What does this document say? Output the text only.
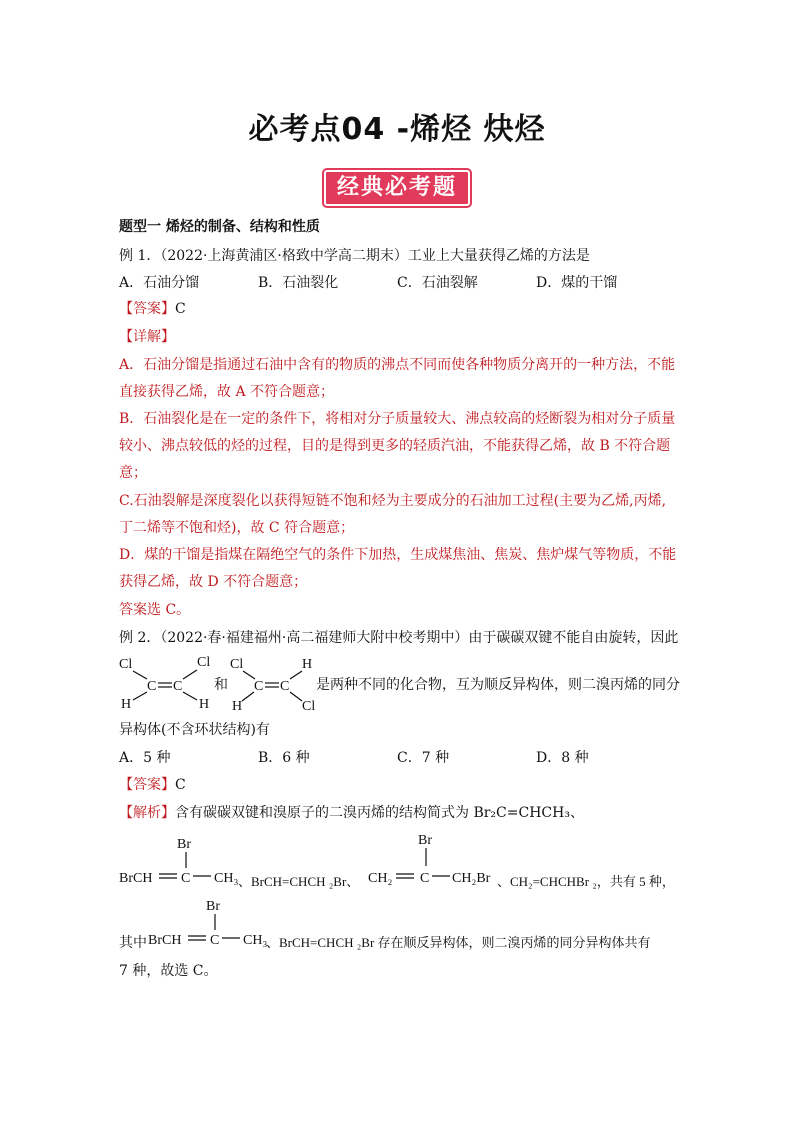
必考点04 -烯烃 炔烃
经典必考题
题型一 烯烃的制备、结构和性质
例 1．（2022·上海黄浦区·格致中学高二期末）工业上大量获得乙烯的方法是
A．石油分馏	B．石油裂化	C．石油裂解	D．煤的干馏
【答案】C
【详解】
A．石油分馏是指通过石油中含有的物质的沸点不同而使各种物质分离开的一种方法，不能
直接获得乙烯，故 A 不符合题意；
B．石油裂化是在一定的条件下，将相对分子质量较大、沸点较高的烃断裂为相对分子质量
较小、沸点较低的烃的过程，目的是得到更多的轻质汽油，不能获得乙烯，故 B 不符合题
意；
C.石油裂解是深度裂化以获得短链不饱和烃为主要成分的石油加工过程(主要为乙烯,丙烯,
丁二烯等不饱和烃)，故 C 符合题意；
D．煤的干馏是指煤在隔绝空气的条件下加热，生成煤焦油、焦炭、焦炉煤气等物质，不能
获得乙烯，故 D 不符合题意；
答案选 C。
例 2．（2022·春·福建福州·高二福建师大附中校考期中）由于碳碳双键不能自由旋转，因此
Cl	Cl
C C
H	H
和
Cl	H
C C
H	Cl
是两种不同的化合物，互为顺反异构体，则二溴丙烯的同分
异构体(不含环状结构)有
A．5 种	B．6 种	C．7 种	D．8 种
【答案】C
【解析】含有碳碳双键和溴原子的二溴丙烯的结构简式为 Br₂C=CHCH₃、
Br
BrCH C CH₃ 、BrCH=CHCH ₂Br、
Br
CH₂ C CH₂Br 、CH₂=CHCHBr ₂，共有 5 种，
其中
Br
BrCH C CH₃
、BrCH=CHCH ₂Br 存在顺反异构体，则二溴丙烯的同分异构体共有
7 种，故选 C。
